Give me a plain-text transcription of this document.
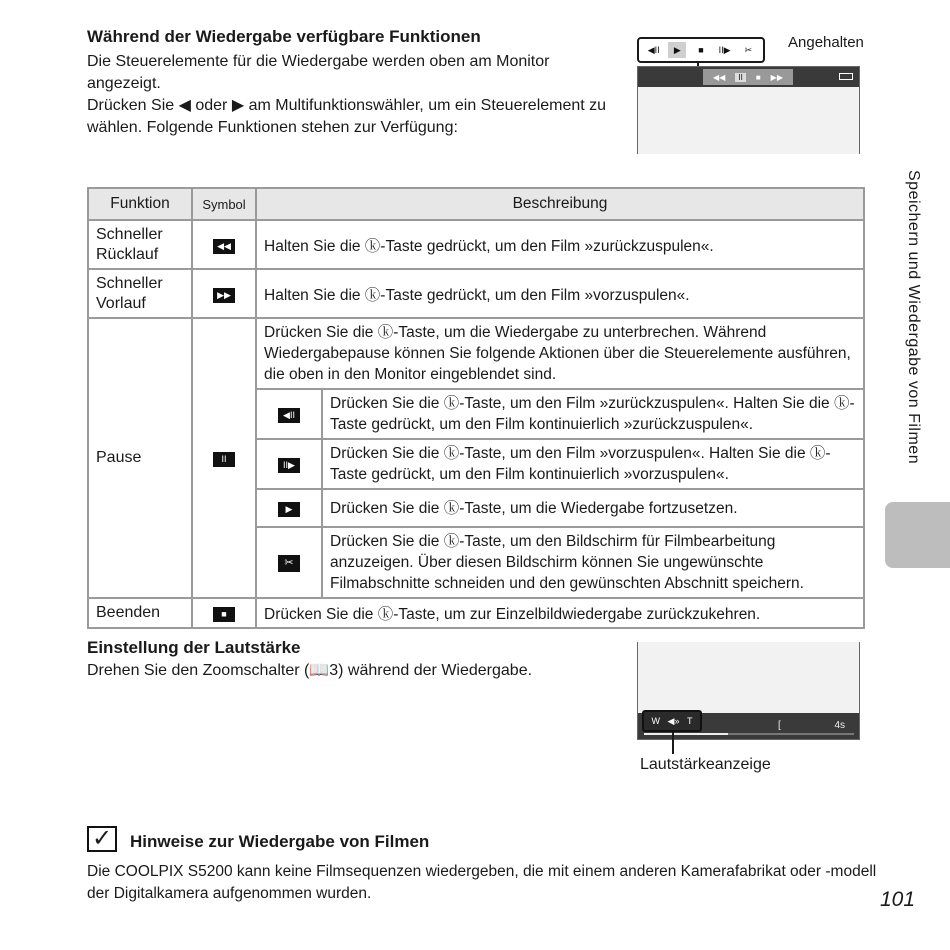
Während der Wiedergabe verfügbare Funktionen
Die Steuerelemente für die Wiedergabe werden oben am Monitor angezeigt.
Drücken Sie ◀ oder ▶ am Multifunktionswähler, um ein Steuerelement zu wählen. Folgende Funktionen stehen zur Verfügung:
◀II	▶	■	II▶	✂	Angehalten
◀◀	II	■ ▶▶
Speichern und Wiedergabe von Filmen
Funktion	Symbol	Beschreibung	
Schneller Rücklauf	◀◀	Halten Sie die ⓚ-Taste gedrückt, um den Film »zurückzuspulen«.	
Schneller Vorlauf	▶▶	Halten Sie die ⓚ-Taste gedrückt, um den Film »vorzuspulen«.	
Pause	II	Drücken Sie die ⓚ-Taste, um die Wiedergabe zu unterbrechen. Während Wiedergabepause können Sie folgende Aktionen über die Steuerelemente ausführen, die oben in den Monitor eingeblendet sind.	
		◀II	Drücken Sie die ⓚ-Taste, um den Film »zurückzuspulen«. Halten Sie die ⓚ-Taste gedrückt, um den Film kontinuierlich »zurückzuspulen«.
		II▶	Drücken Sie die ⓚ-Taste, um den Film »vorzuspulen«. Halten Sie die ⓚ-Taste gedrückt, um den Film kontinuierlich »vorzuspulen«.
		▶	Drücken Sie die ⓚ-Taste, um die Wiedergabe fortzusetzen.
		✂	Drücken Sie die ⓚ-Taste, um den Bildschirm für Filmbearbeitung anzuzeigen. Über diesen Bildschirm können Sie ungewünschte Filmabschnitte schneiden und den gewünschten Abschnitt speichern.
Beenden	■	Drücken Sie die ⓚ-Taste, um zur Einzelbildwiedergabe zurückzukehren.	
Einstellung der Lautstärke
Drehen Sie den Zoomschalter (📖3) während der Wiedergabe.
[	4s
W ◀» T
Lautstärkeanzeige
✓ Hinweise zur Wiedergabe von Filmen
Die COOLPIX S5200 kann keine Filmsequenzen wiedergeben, die mit einem anderen Kamerafabrikat oder -modell der Digitalkamera aufgenommen wurden.	101
